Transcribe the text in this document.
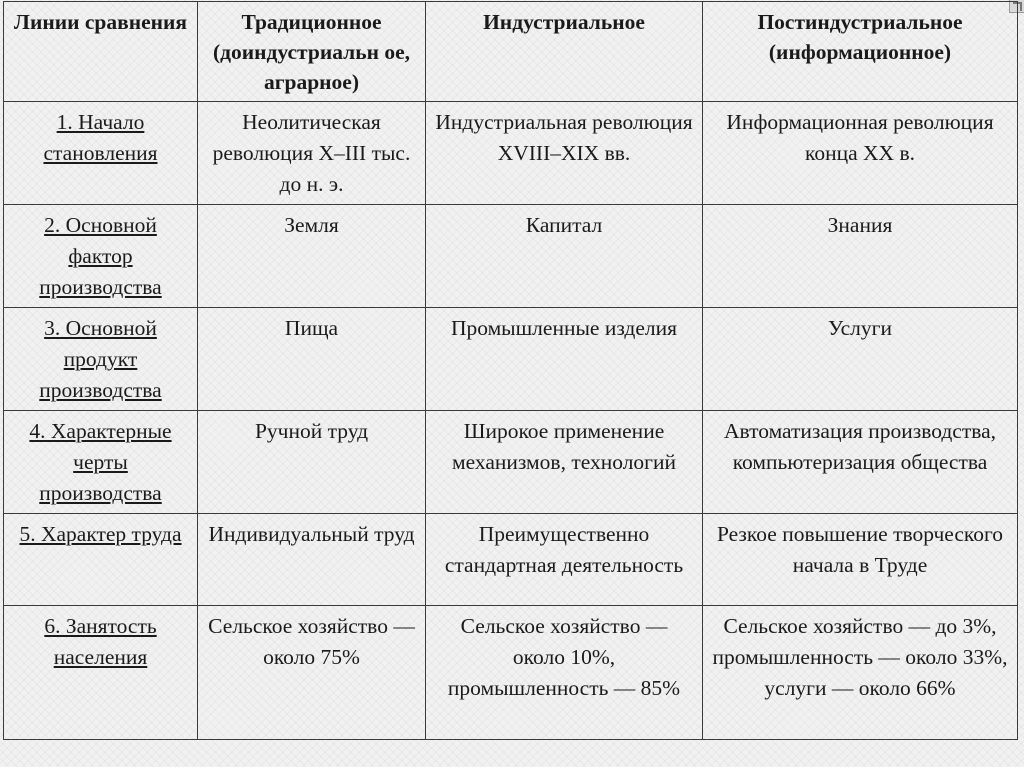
Линии сравнения	Традиционное (доиндустриальн ое, аграрное)	Индустриальное	Постиндустриальное (информационное)
1. Начало становления	Неолитическая революция X–III тыс. до н. э.	Индустриальная революция XVIII–XIX вв.	Информационная революция конца XX в.
2. Основной фактор производства	Земля	Капитал	Знания
3. Основной продукт производства	Пища	Промышленные изделия	Услуги
4. Характерные черты производства	Ручной труд	Широкое применение механизмов, технологий	Автоматизация производства, компьютеризация общества
5. Характер труда	Индивидуальный труд	Преимущественно стандартная деятельность	Резкое повышение творческого начала в Труде
6. Занятость населения	Сельское хозяйство — около 75%	Сельское хозяйство — около 10%, промышленность — 85%	Сельское хозяйство — до 3%, промышленность — около 33%, услуги — около 66%
